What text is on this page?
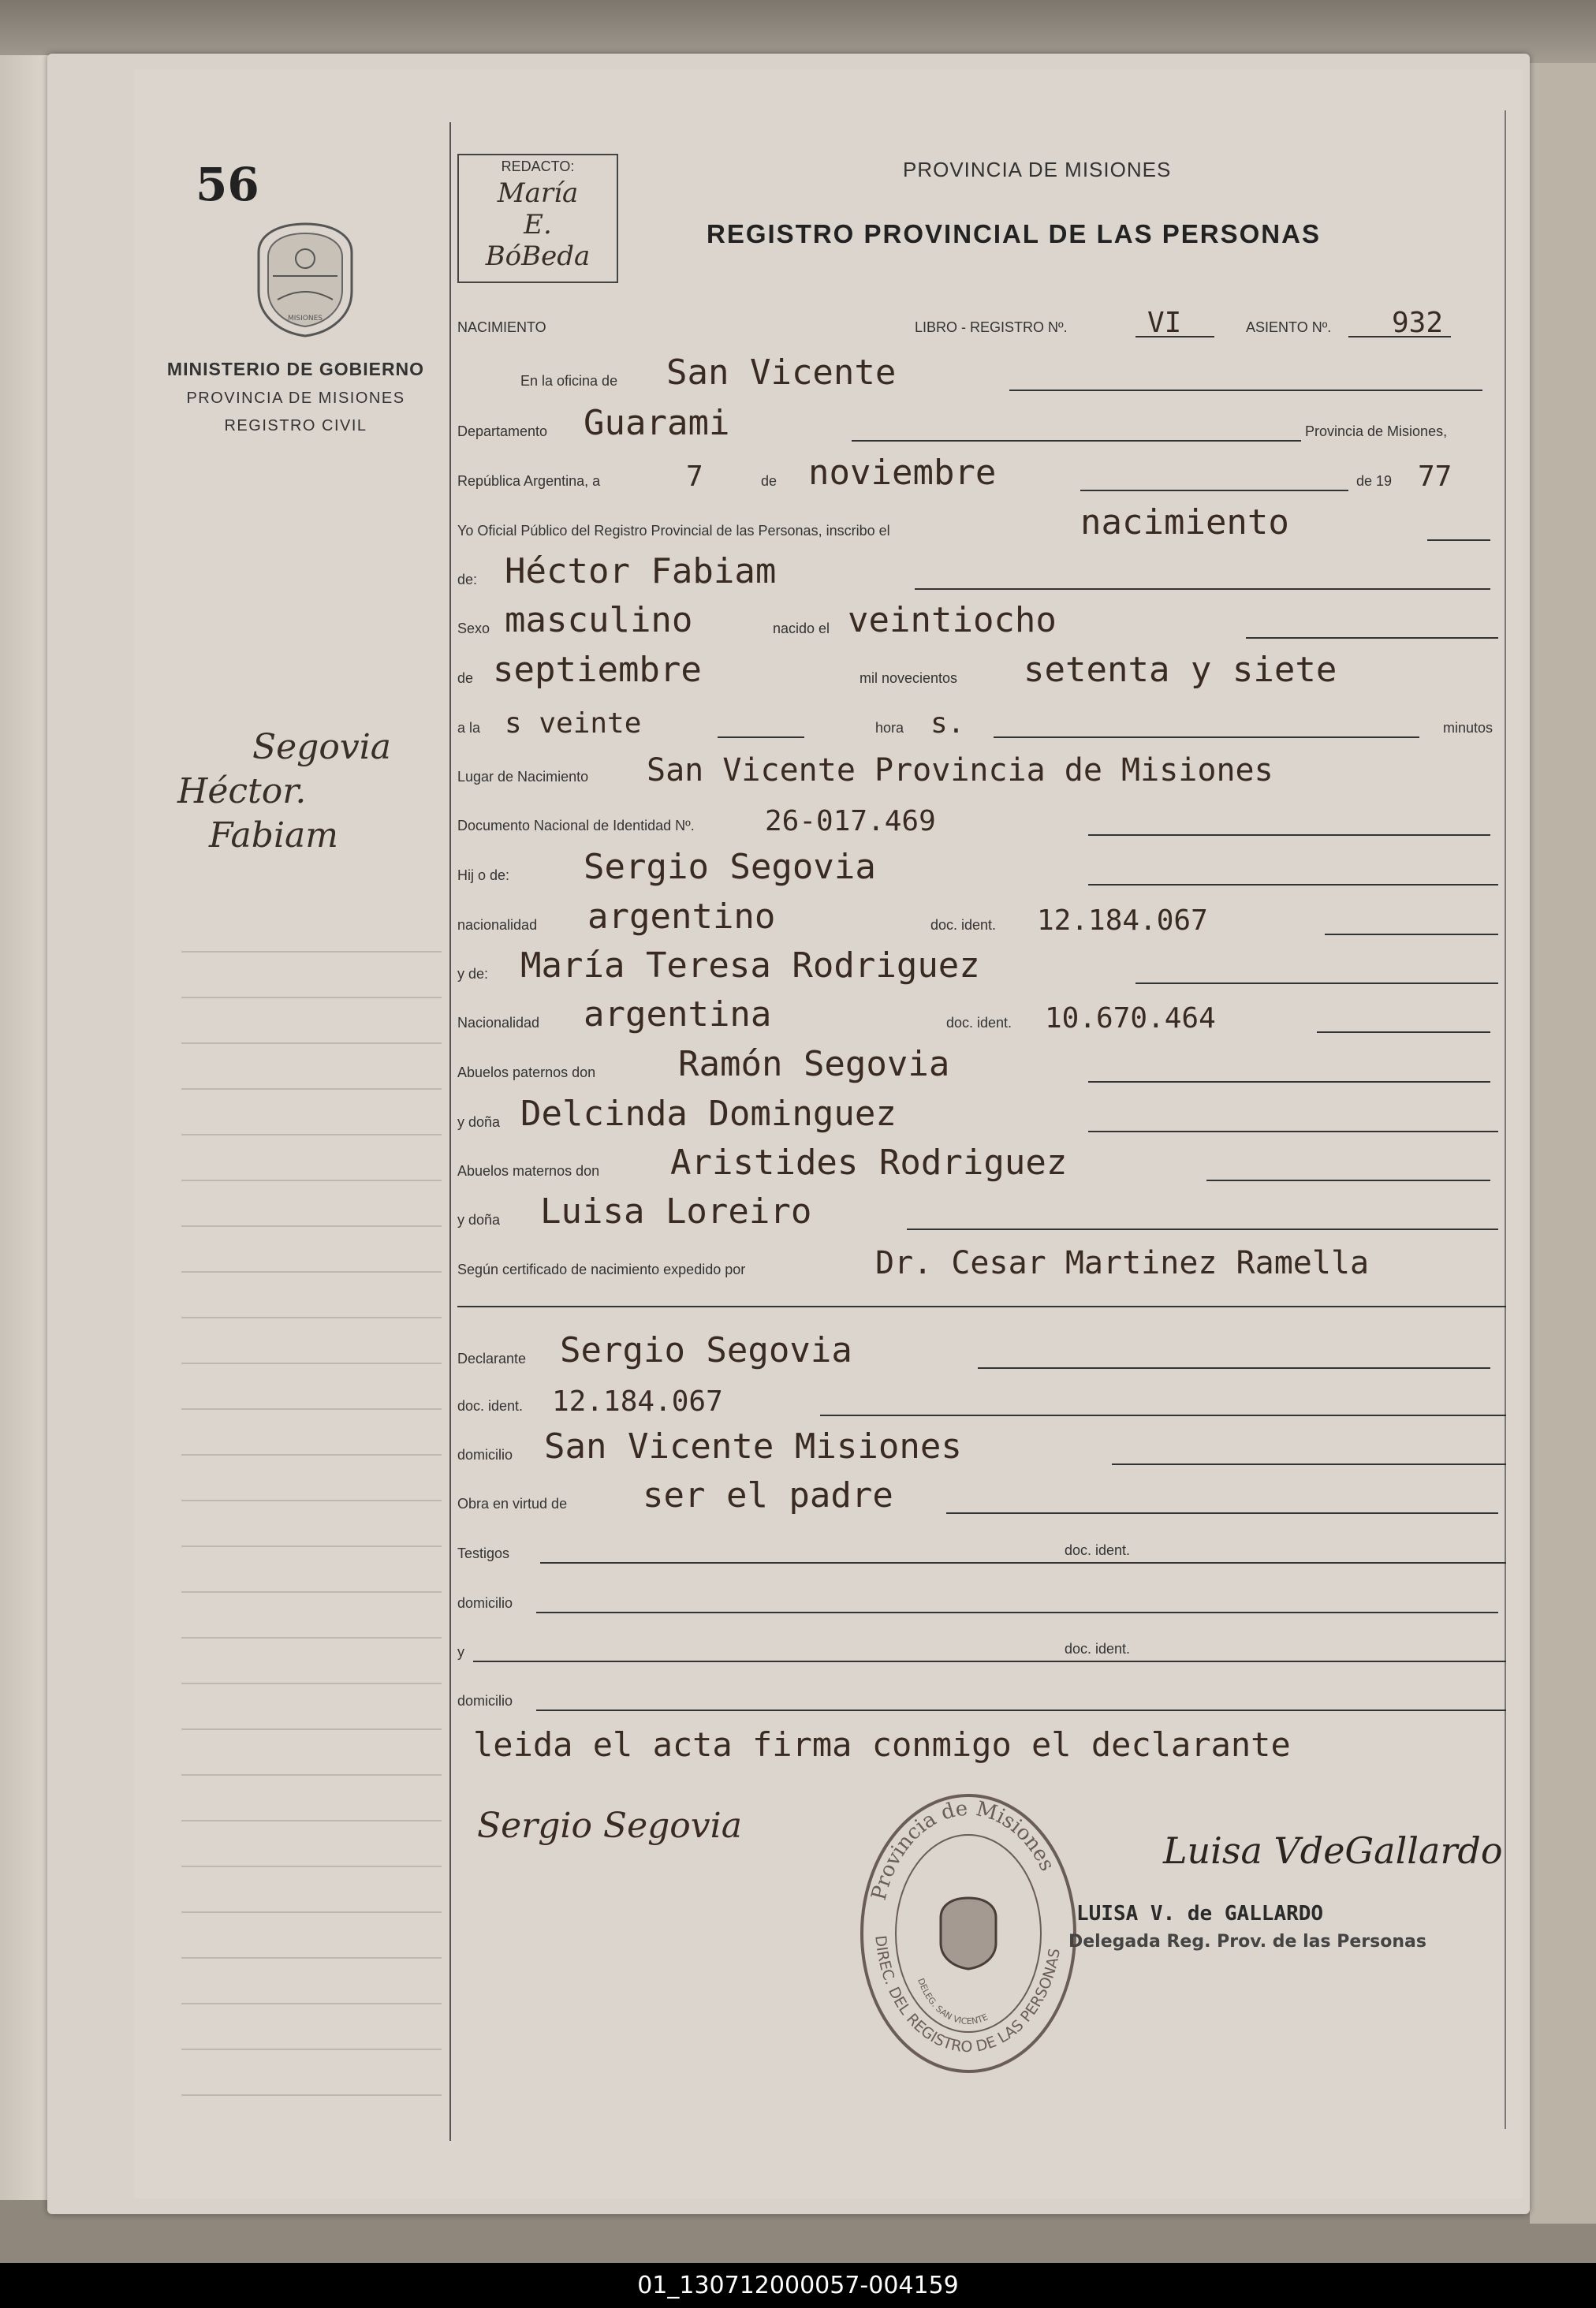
56
MISIONES
MINISTERIO DE GOBIERNO
PROVINCIA DE MISIONES
REGISTRO CIVIL
Segovia
Héctor.
Fabiam
REDACTO:
María
E.
BóBeda
PROVINCIA DE MISIONES
REGISTRO PROVINCIAL DE LAS PERSONAS
NACIMIENTO	LIBRO - REGISTRO Nº.	VI	ASIENTO Nº. 932
En la oficina de San Vicente
Departamento Guarami	Provincia de Misiones,
República Argentina, a	7	de noviembre	de 19 77
Yo Oficial Público del Registro Provincial de las Personas, inscribo el	nacimiento
de: Héctor Fabiam
Sexo masculino	nacido el veintiocho
de septiembre	mil novecientos setenta y siete
a la s veinte	hora s.	minutos
Lugar de Nacimiento San Vicente Provincia de Misiones
Documento Nacional de Identidad Nº. 26-017.469
Hij o de: Sergio Segovia
nacionalidad argentino	doc. ident. 12.184.067
y de: María Teresa Rodriguez
Nacionalidad argentina	doc. ident. 10.670.464
Abuelos paternos don Ramón Segovia
y doña Delcinda Dominguez
Abuelos maternos don Aristides Rodriguez
y doña Luisa Loreiro
Según certificado de nacimiento expedido por	Dr. Cesar Martinez Ramella
Declarante Sergio Segovia
doc. ident. 12.184.067
domicilio San Vicente Misiones
Obra en virtud de ser el padre
Testigos	doc. ident.
domicilio
y	doc. ident.
domicilio
leida el acta firma conmigo el declarante
Sergio Segovia
Provincia de Misiones
DIREC. DEL REGISTRO DE LAS PERSONAS
DELEG. SAN VICENTE
Luisa VdeGallardo
LUISA V. de GALLARDO
Delegada Reg. Prov. de las Personas
01_130712000057-004159
